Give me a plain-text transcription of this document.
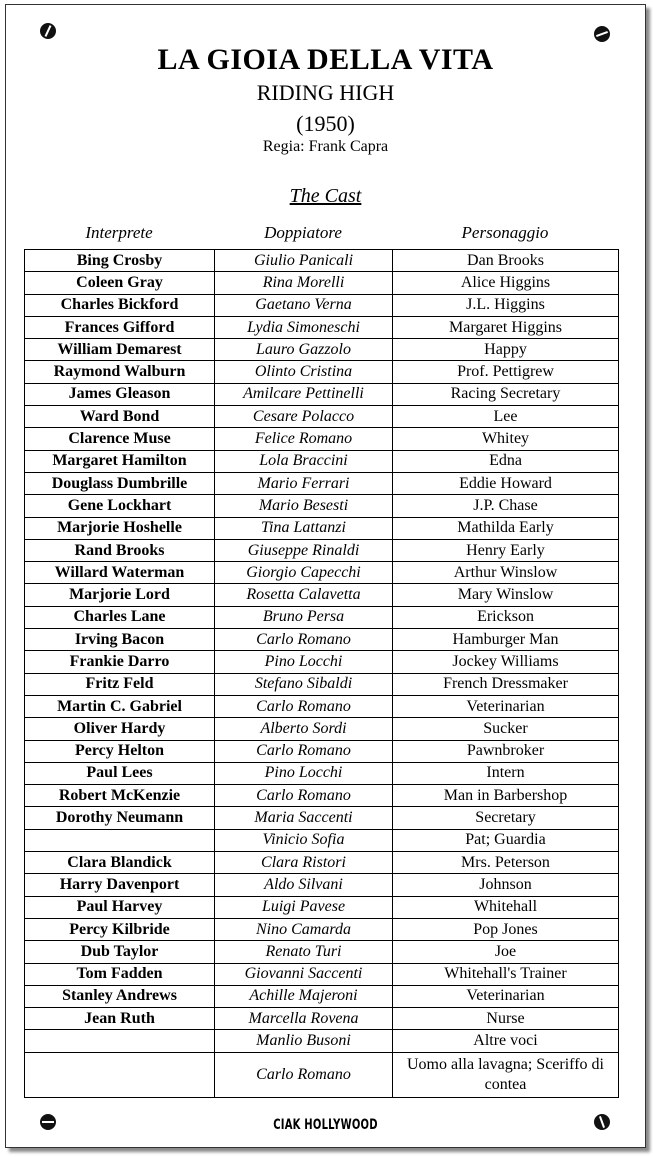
LA GIOIA DELLA VITA
RIDING HIGH
(1950)
Regia: Frank Capra
The Cast
Interprete	Doppiatore	Personaggio
Bing Crosby	Giulio Panicali	Dan Brooks
Coleen Gray	Rina Morelli	Alice Higgins
Charles Bickford	Gaetano Verna	J.L. Higgins
Frances Gifford	Lydia Simoneschi	Margaret Higgins
William Demarest	Lauro Gazzolo	Happy
Raymond Walburn	Olinto Cristina	Prof. Pettigrew
James Gleason	Amilcare Pettinelli	Racing Secretary
Ward Bond	Cesare Polacco	Lee
Clarence Muse	Felice Romano	Whitey
Margaret Hamilton	Lola Braccini	Edna
Douglass Dumbrille	Mario Ferrari	Eddie Howard
Gene Lockhart	Mario Besesti	J.P. Chase
Marjorie Hoshelle	Tina Lattanzi	Mathilda Early
Rand Brooks	Giuseppe Rinaldi	Henry Early
Willard Waterman	Giorgio Capecchi	Arthur Winslow
Marjorie Lord	Rosetta Calavetta	Mary Winslow
Charles Lane	Bruno Persa	Erickson
Irving Bacon	Carlo Romano	Hamburger Man
Frankie Darro	Pino Locchi	Jockey Williams
Fritz Feld	Stefano Sibaldi	French Dressmaker
Martin C. Gabriel	Carlo Romano	Veterinarian
Oliver Hardy	Alberto Sordi	Sucker
Percy Helton	Carlo Romano	Pawnbroker
Paul Lees	Pino Locchi	Intern
Robert McKenzie	Carlo Romano	Man in Barbershop
Dorothy Neumann	Maria Saccenti	Secretary
	Vinicio Sofia	Pat; Guardia
Clara Blandick	Clara Ristori	Mrs. Peterson
Harry Davenport	Aldo Silvani	Johnson
Paul Harvey	Luigi Pavese	Whitehall
Percy Kilbride	Nino Camarda	Pop Jones
Dub Taylor	Renato Turi	Joe
Tom Fadden	Giovanni Saccenti	Whitehall's Trainer
Stanley Andrews	Achille Majeroni	Veterinarian
Jean Ruth	Marcella Rovena	Nurse
	Manlio Busoni	Altre voci
	Carlo Romano	Uomo alla lavagna; Sceriffo di contea
CIAK HOLLYWOOD
